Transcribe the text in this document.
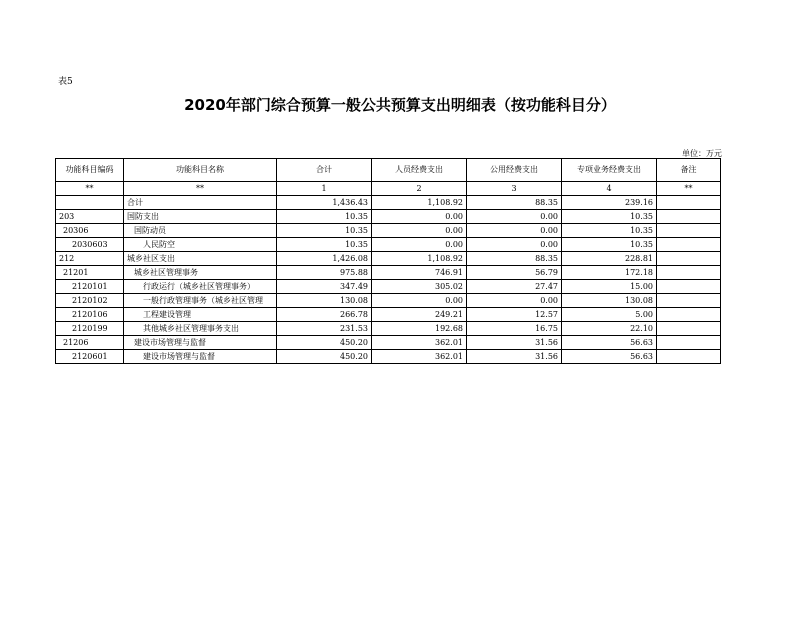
表5
2020年部门综合预算一般公共预算支出明细表（按功能科目分）
单位：万元
功能科目编码	功能科目名称	合计	人员经费支出	公用经费支出	专项业务经费支出	备注
**	**	1	2	3	4	**
	合计	1,436.43	1,108.92	88.35	239.16	
203	国防支出	10.35	0.00	0.00	10.35	
20306	国防动员	10.35	0.00	0.00	10.35	
2030603	人民防空	10.35	0.00	0.00	10.35	
212	城乡社区支出	1,426.08	1,108.92	88.35	228.81	
21201	城乡社区管理事务	975.88	746.91	56.79	172.18	
2120101	行政运行（城乡社区管理事务）	347.49	305.02	27.47	15.00	
2120102	一般行政管理事务（城乡社区管理	130.08	0.00	0.00	130.08	
2120106	工程建设管理	266.78	249.21	12.57	5.00	
2120199	其他城乡社区管理事务支出	231.53	192.68	16.75	22.10	
21206	建设市场管理与监督	450.20	362.01	31.56	56.63	
2120601	建设市场管理与监督	450.20	362.01	31.56	56.63	
